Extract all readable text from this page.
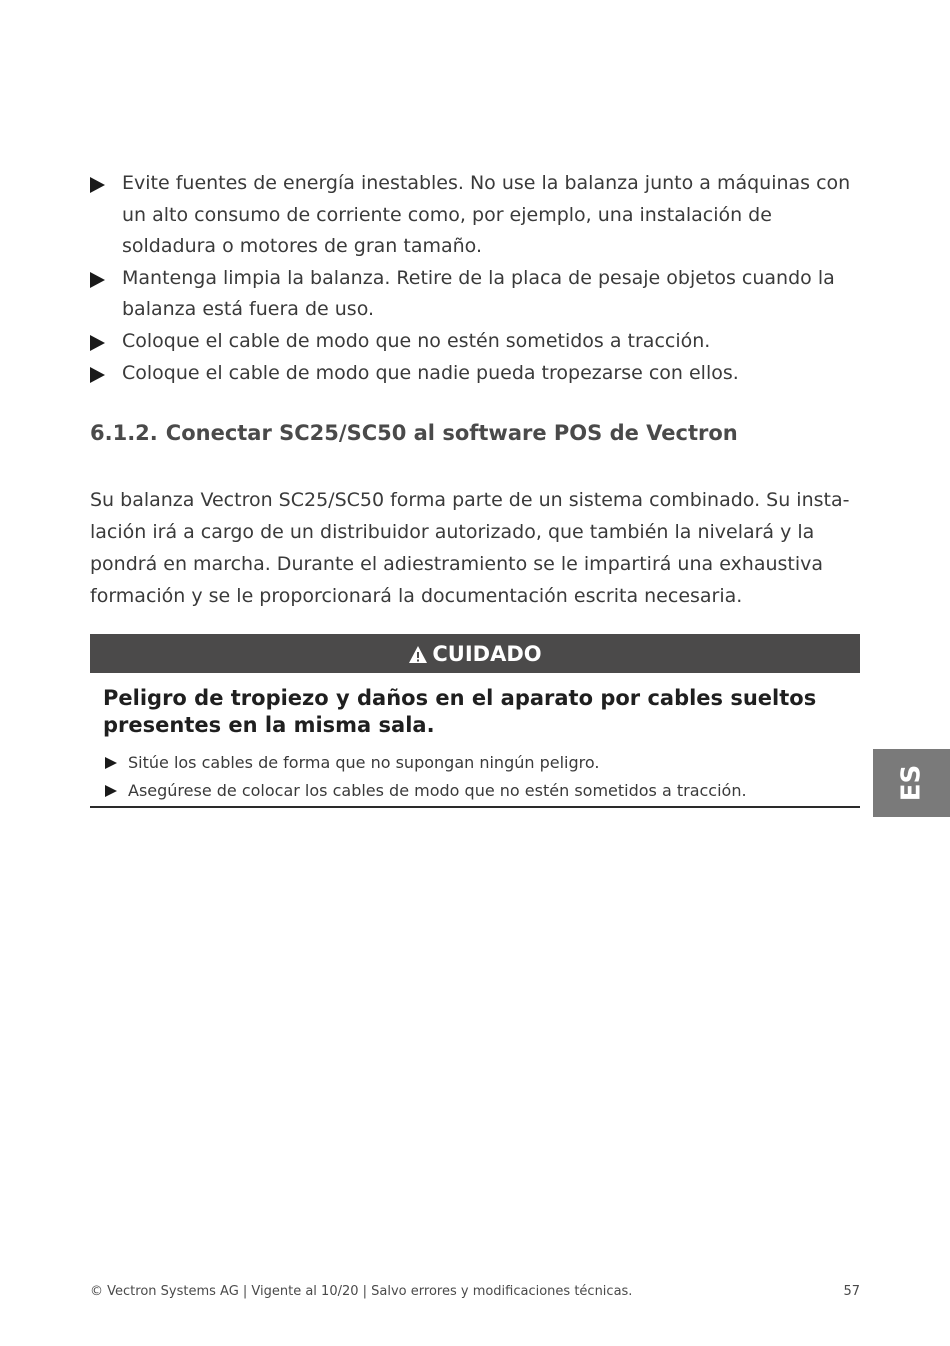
Evite fuentes de energía inestables. No use la balanza junto a máquinas con un alto consumo de corriente como, por ejemplo, una instalación de soldadura o motores de gran tamaño.
Mantenga limpia la balanza. Retire de la placa de pesaje objetos cuando la balanza está fuera de uso.
Coloque el cable de modo que no estén sometidos a tracción.
Coloque el cable de modo que nadie pueda tropezarse con ellos.
6.1.2. Conectar SC25/SC50 al software POS de Vectron

Su balanza Vectron SC25/SC50 forma parte de un sistema combinado. Su insta-lación irá a cargo de un distribuidor autorizado, que también la nivelará y la pondrá en marcha. Durante el adiestramiento se le impartirá una exhaustiva formación y se le proporcionará la documentación escrita necesaria.

CUIDADO
Peligro de tropiezo y daños en el aparato por cables sueltos presentes en la misma sala.
Sitúe los cables de forma que no supongan ningún peligro.
Asegúrese de colocar los cables de modo que no estén sometidos a tracción.	ES
© Vectron Systems AG | Vigente al 10/20 | Salvo errores y modificaciones técnicas.	57
